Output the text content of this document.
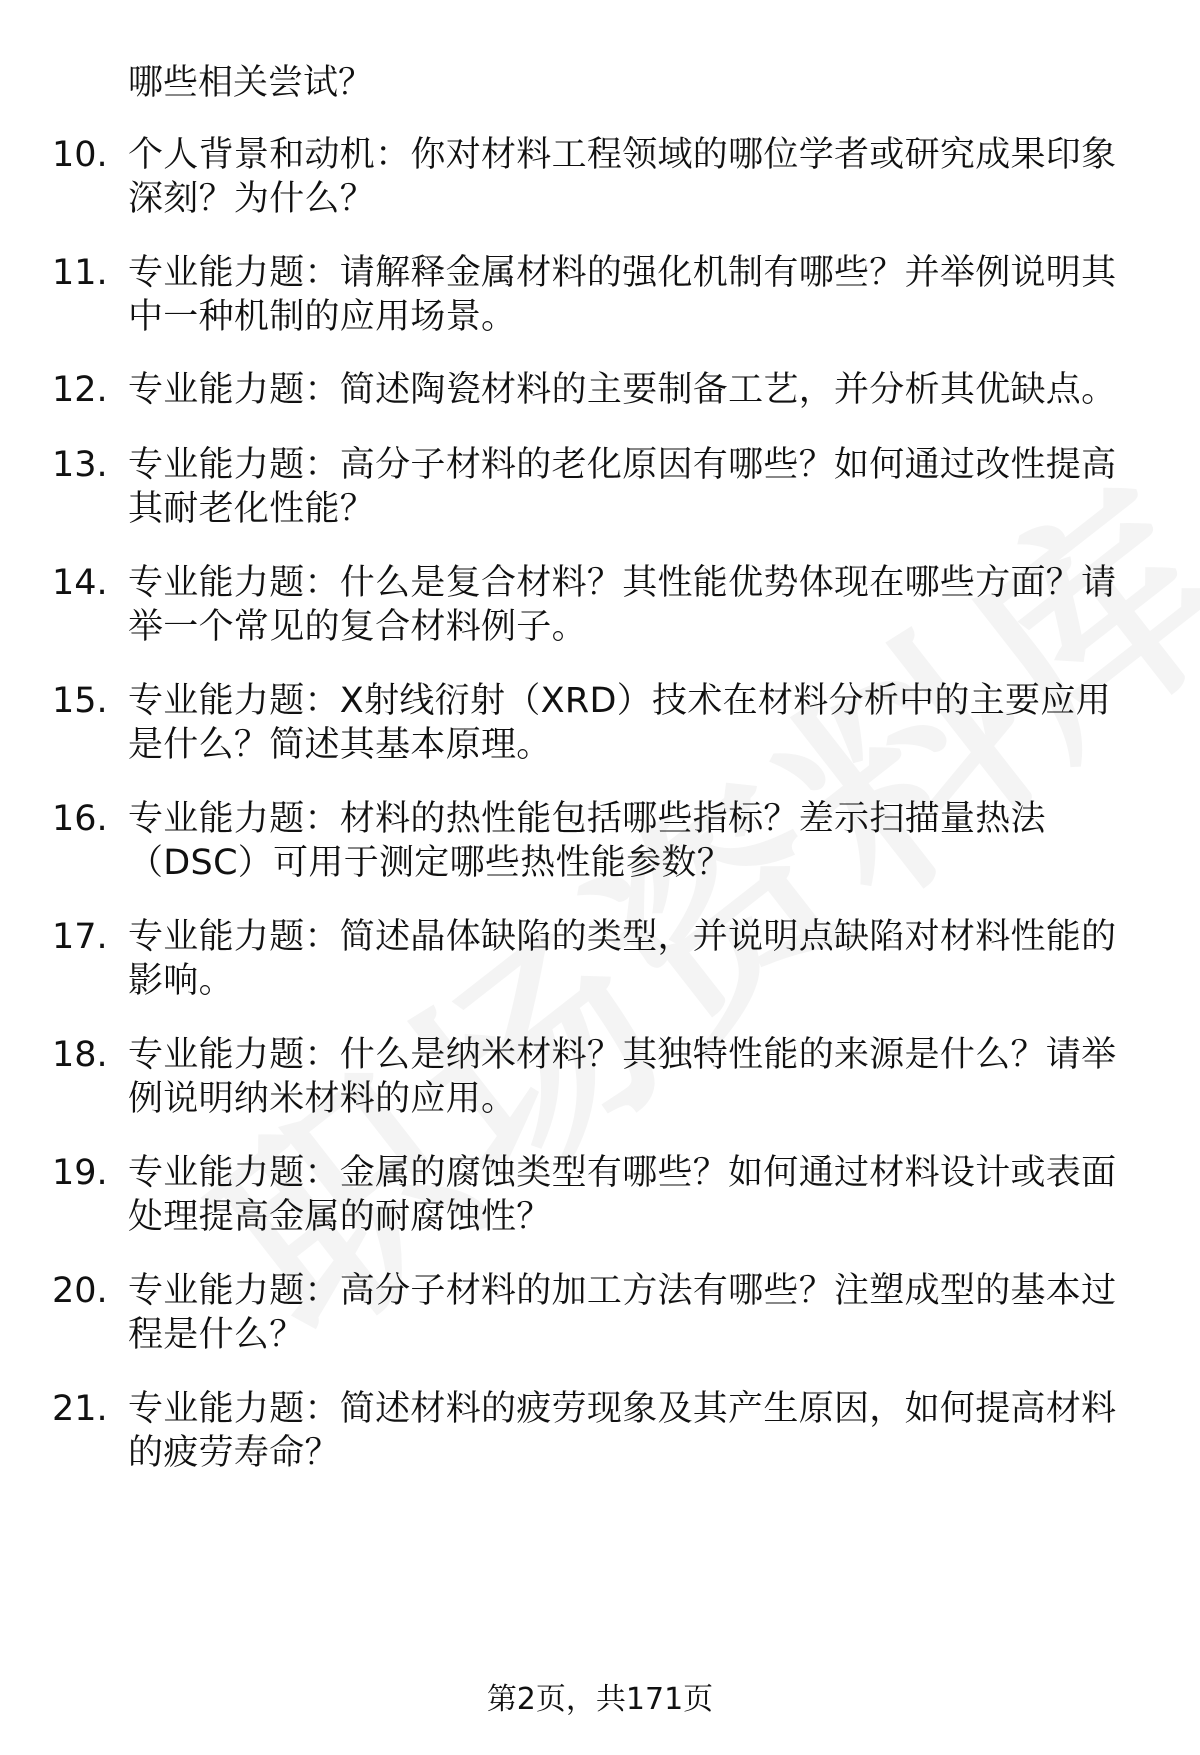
哪些相关尝试？
10. 个人背景和动机：你对材料工程领域的哪位学者或研究成果印象
深刻？为什么？
11. 专业能力题：请解释金属材料的强化机制有哪些？并举例说明其
中一种机制的应用场景。
12. 专业能力题：简述陶瓷材料的主要制备工艺，并分析其优缺点。
13. 专业能力题：高分子材料的老化原因有哪些？如何通过改性提高
其耐老化性能？
14. 专业能力题：什么是复合材料？其性能优势体现在哪些方面？请
举一个常见的复合材料例子。
15. 专业能力题：X射线衍射（XRD）技术在材料分析中的主要应用
是什么？简述其基本原理。
16. 专业能力题：材料的热性能包括哪些指标？差示扫描量热法
（DSC）可用于测定哪些热性能参数？
17. 专业能力题：简述晶体缺陷的类型，并说明点缺陷对材料性能的
影响。
18. 专业能力题：什么是纳米材料？其独特性能的来源是什么？请举
例说明纳米材料的应用。
19. 专业能力题：金属的腐蚀类型有哪些？如何通过材料设计或表面
处理提高金属的耐腐蚀性？
20. 专业能力题：高分子材料的加工方法有哪些？注塑成型的基本过
程是什么？
21. 专业能力题：简述材料的疲劳现象及其产生原因，如何提高材料
的疲劳寿命？
第2页，共171页
